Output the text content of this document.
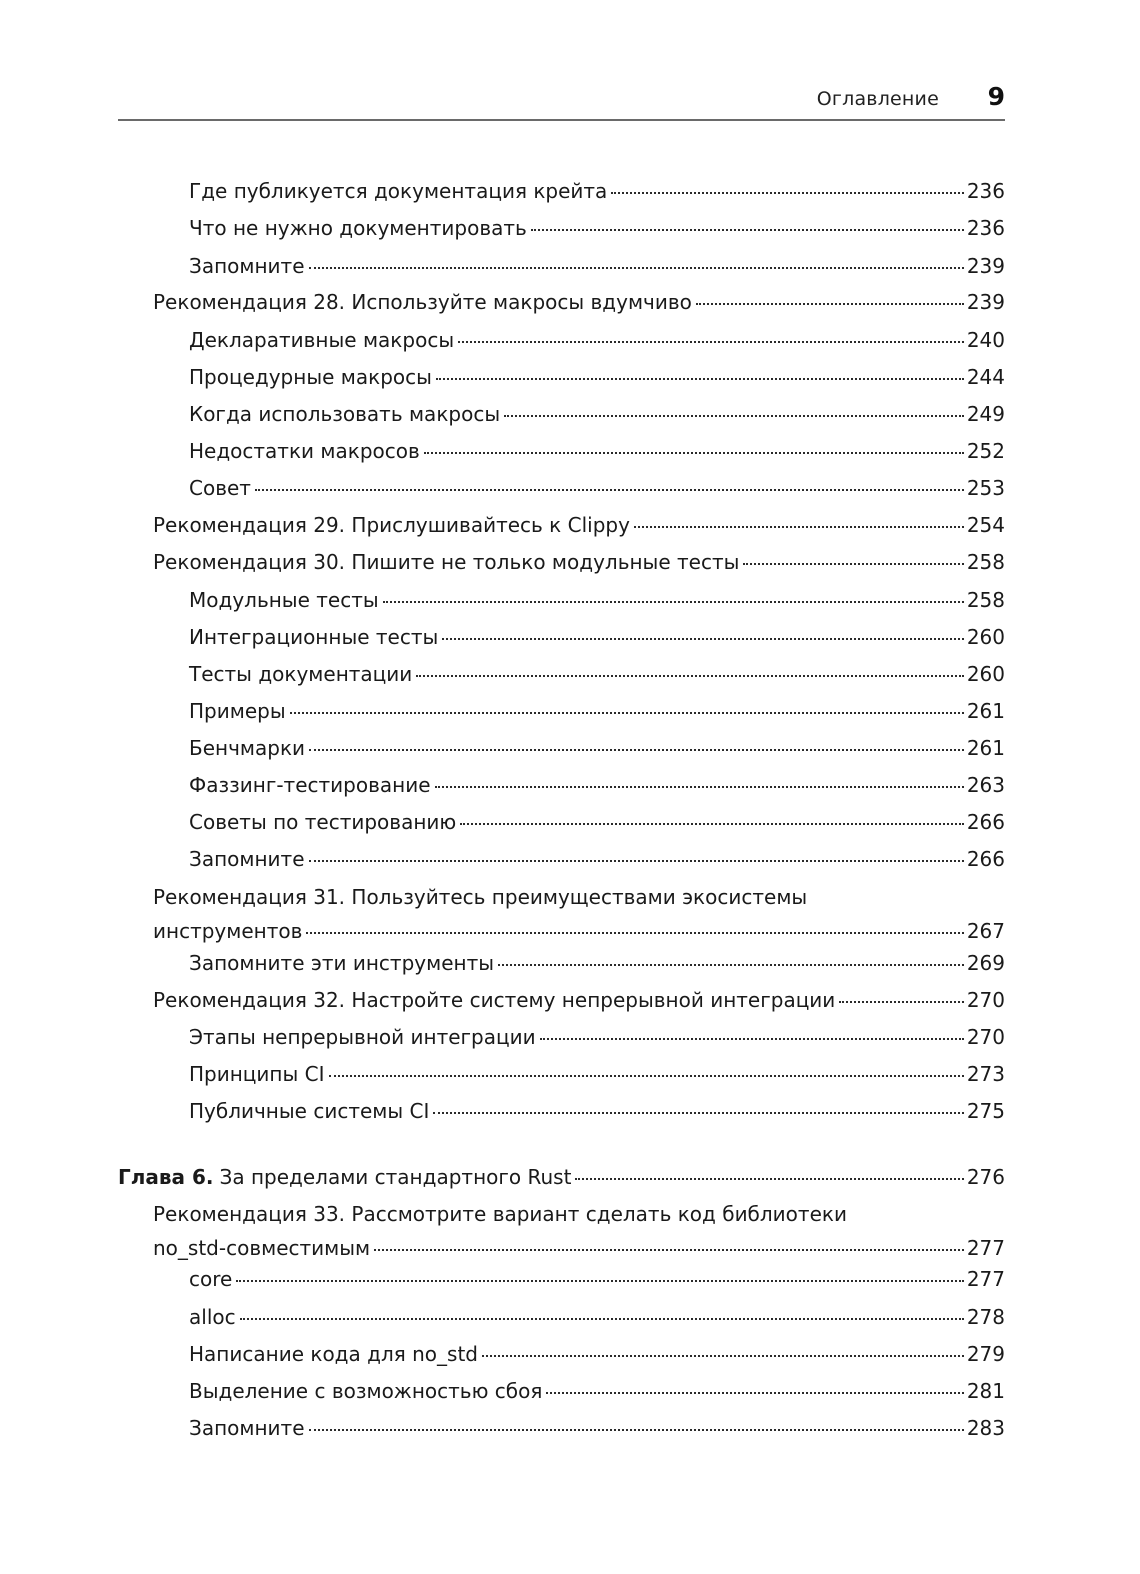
Оглавление 9
Где публикуется документация крейта	236
Что не нужно документировать	236
Запомните	239
Рекомендация 28. Используйте макросы вдумчиво	239
Декларативные макросы	240
Процедурные макросы	244
Когда использовать макросы	249
Недостатки макросов	252
Совет	253
Рекомендация 29. Прислушивайтесь к Clippy	254
Рекомендация 30. Пишите не только модульные тесты	258
Модульные тесты	258
Интеграционные тесты	260
Тесты документации	260
Примеры	261
Бенчмарки	261
Фаззинг-тестирование	263
Советы по тестированию	266
Запомните	266
Рекомендация 31. Пользуйтесь преимуществами экосистемы
инструментов	267
Запомните эти инструменты	269
Рекомендация 32. Настройте систему непрерывной интеграции	270
Этапы непрерывной интеграции	270
Принципы CI	273
Публичные системы CI	275
Глава 6. За пределами стандартного Rust	276
Рекомендация 33. Рассмотрите вариант сделать код библиотеки
no_std-совместимым	277
core	277
alloc	278
Написание кода для no_std	279
Выделение с возможностью сбоя	281
Запомните	283
